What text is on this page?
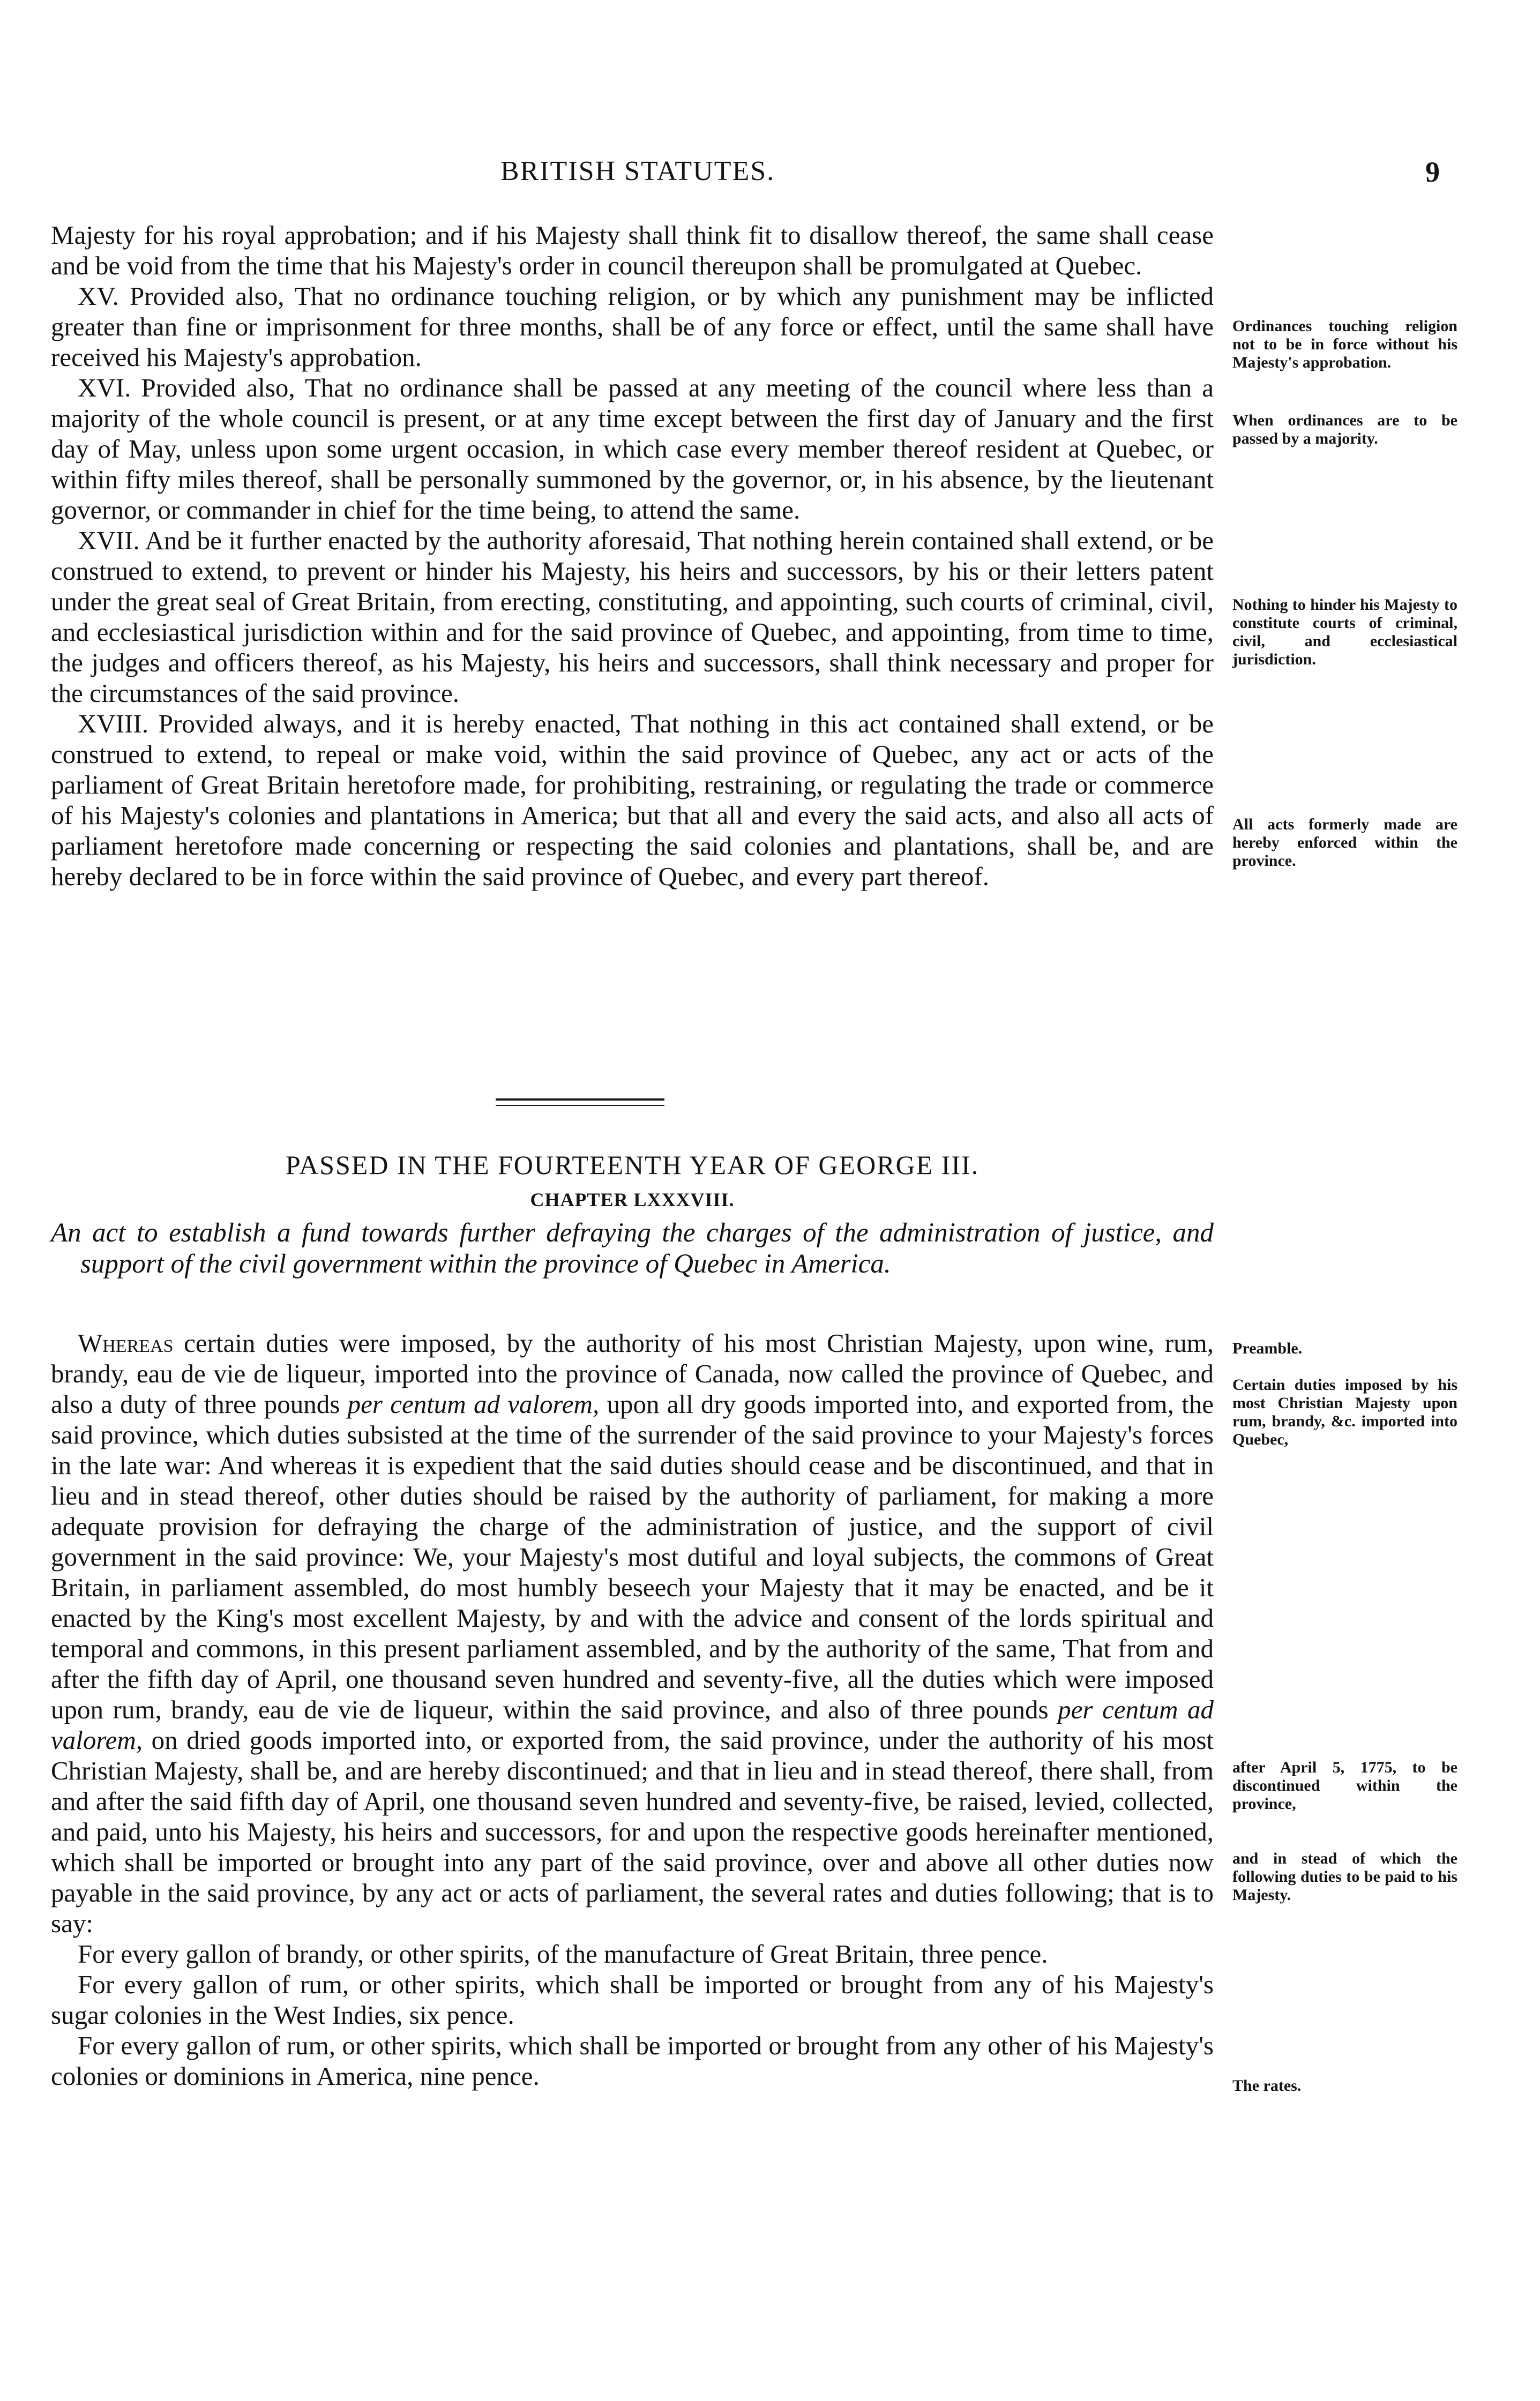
BRITISH STATUTES.	9

Majesty for his royal approbation; and if his Majesty shall think fit to disallow thereof, the same shall cease and be void from the time that his Majesty's order in council thereupon shall be promulgated at Quebec.

XV. Provided also, That no ordinance touching religion, or by which any punishment may be inflicted greater than fine or imprisonment for three months, shall be of any force or effect, until the same shall have received his Majesty's approbation.

XVI. Provided also, That no ordinance shall be passed at any meeting of the council where less than a majority of the whole council is present, or at any time except between the first day of January and the first day of May, unless upon some urgent occasion, in which case every member thereof resident at Quebec, or within fifty miles thereof, shall be personally summoned by the governor, or, in his absence, by the lieutenant governor, or commander in chief for the time being, to attend the same.

XVII. And be it further enacted by the authority aforesaid, That nothing herein contained shall extend, or be construed to extend, to prevent or hinder his Majesty, his heirs and successors, by his or their letters patent under the great seal of Great Britain, from erecting, constituting, and appointing, such courts of criminal, civil, and ecclesiastical jurisdiction within and for the said province of Quebec, and appointing, from time to time, the judges and officers thereof, as his Majesty, his heirs and successors, shall think necessary and proper for the circumstances of the said province.

XVIII. Provided always, and it is hereby enacted, That nothing in this act contained shall extend, or be construed to extend, to repeal or make void, within the said province of Quebec, any act or acts of the parliament of Great Britain heretofore made, for prohibiting, restraining, or regulating the trade or commerce of his Majesty's colonies and plantations in America; but that all and every the said acts, and also all acts of parliament heretofore made concerning or respecting the said colonies and plantations, shall be, and are hereby declared to be in force within the said province of Quebec, and every part thereof.

Ordinances touching religion not to be in force without his Majesty's approbation.
When ordinances are to be passed by a majority.
Nothing to hinder his Majesty to constitute courts of criminal, civil, and ecclesiastical jurisdiction.
All acts formerly made are hereby enforced within the province.
PASSED IN THE FOURTEENTH YEAR OF GEORGE III.
CHAPTER LXXXVIII.
An act to establish a fund towards further defraying the charges of the administration of justice, and support of the civil government within the province of Quebec in America.

Whereas certain duties were imposed, by the authority of his most Christian Majesty, upon wine, rum, brandy, eau de vie de liqueur, imported into the province of Canada, now called the province of Quebec, and also a duty of three pounds per centum ad valorem, upon all dry goods imported into, and exported from, the said province, which duties subsisted at the time of the surrender of the said province to your Majesty's forces in the late war: And whereas it is expedient that the said duties should cease and be discontinued, and that in lieu and in stead thereof, other duties should be raised by the authority of parliament, for making a more adequate provision for defraying the charge of the administration of justice, and the support of civil government in the said province: We, your Majesty's most dutiful and loyal subjects, the commons of Great Britain, in parliament assembled, do most humbly beseech your Majesty that it may be enacted, and be it enacted by the King's most excellent Majesty, by and with the advice and consent of the lords spiritual and temporal and commons, in this present parliament assembled, and by the authority of the same, That from and after the fifth day of April, one thousand seven hundred and seventy-five, all the duties which were imposed upon rum, brandy, eau de vie de liqueur, within the said province, and also of three pounds per centum ad valorem, on dried goods imported into, or exported from, the said province, under the authority of his most Christian Majesty, shall be, and are hereby discontinued; and that in lieu and in stead thereof, there shall, from and after the said fifth day of April, one thousand seven hundred and seventy-five, be raised, levied, collected, and paid, unto his Majesty, his heirs and successors, for and upon the respective goods hereinafter mentioned, which shall be imported or brought into any part of the said province, over and above all other duties now payable in the said province, by any act or acts of parliament, the several rates and duties following; that is to say:

For every gallon of brandy, or other spirits, of the manufacture of Great Britain, three pence.

For every gallon of rum, or other spirits, which shall be imported or brought from any of his Majesty's sugar colonies in the West Indies, six pence.

For every gallon of rum, or other spirits, which shall be imported or brought from any other of his Majesty's colonies or dominions in America, nine pence.

Preamble.
Certain duties imposed by his most Christian Majesty upon rum, brandy, &c. imported into Quebec,
after April 5, 1775, to be discontinued within the province,
and in stead of which the following duties to be paid to his Majesty.
The rates.
